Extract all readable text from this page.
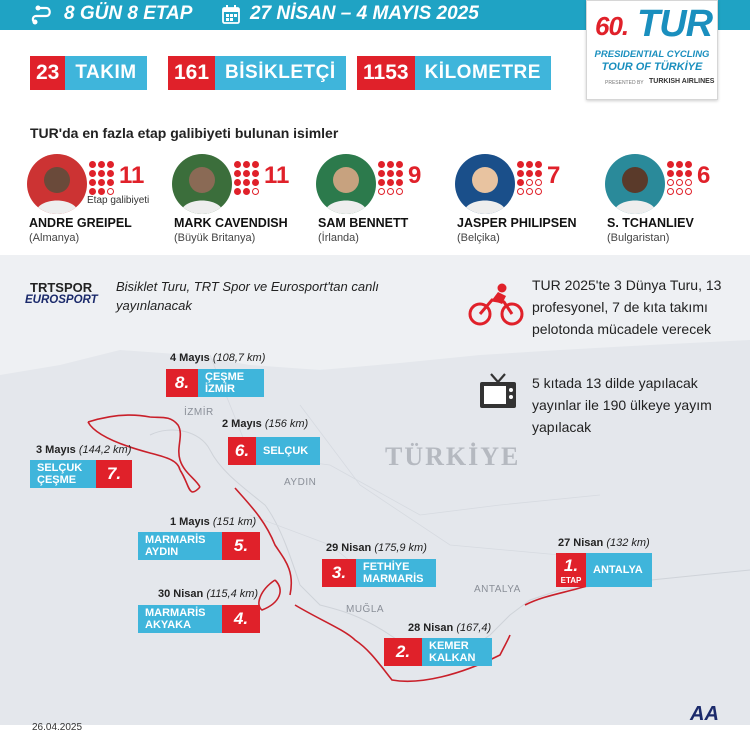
8 GÜN 8 ETAP	27 NİSAN – 4 MAYIS 2025	60. TUR
PRESIDENTIAL CYCLING
TOUR OF TÜRKİYE
PRESENTED BY TURKISH AIRLINES
23 TAKIM	161 BİSİKLETÇİ	1153 KİLOMETRE
TUR'da en fazla etap galibiyeti bulunan isimler
11
Etap galibiyeti
ANDRE GREIPEL
(Almanya)
11
MARK CAVENDISH
(Büyük Britanya)
9
SAM BENNETT
(İrlanda)
7
JASPER PHILIPSEN
(Belçika)
6
S. TCHANLIEV
(Bulgaristan)
İZMİR
AYDIN
MUĞLA
ANTALYA
TÜRKİYE
TRTSPOR
EUROSPORT
Bisiklet Turu, TRT Spor ve Eurosport'tan canlı yayınlanacak
TUR 2025'te 3 Dünya Turu, 13 profesyonel, 7 de kıta takımı pelotonda mücadele verecek
5 kıtada 13 dilde yapılacak yayınlar ile 190 ülkeye yayım yapılacak
27 Nisan (132 km)
1.
ETAP
ANTALYA
28 Nisan (167,4)
2. KEMER
KALKAN
29 Nisan (175,9 km)
3. FETHİYE
MARMARİS
30 Nisan (115,4 km)
MARMARİS
AKYAKA	4.
1 Mayıs (151 km)
MARMARİS
AYDIN	5.
2 Mayıs (156 km)
6. SELÇUK
3 Mayıs (144,2 km)
SELÇUK
ÇEŞME	7.
4 Mayıs (108,7 km)
8. ÇEŞME
İZMİR
26.04.2025
AA
